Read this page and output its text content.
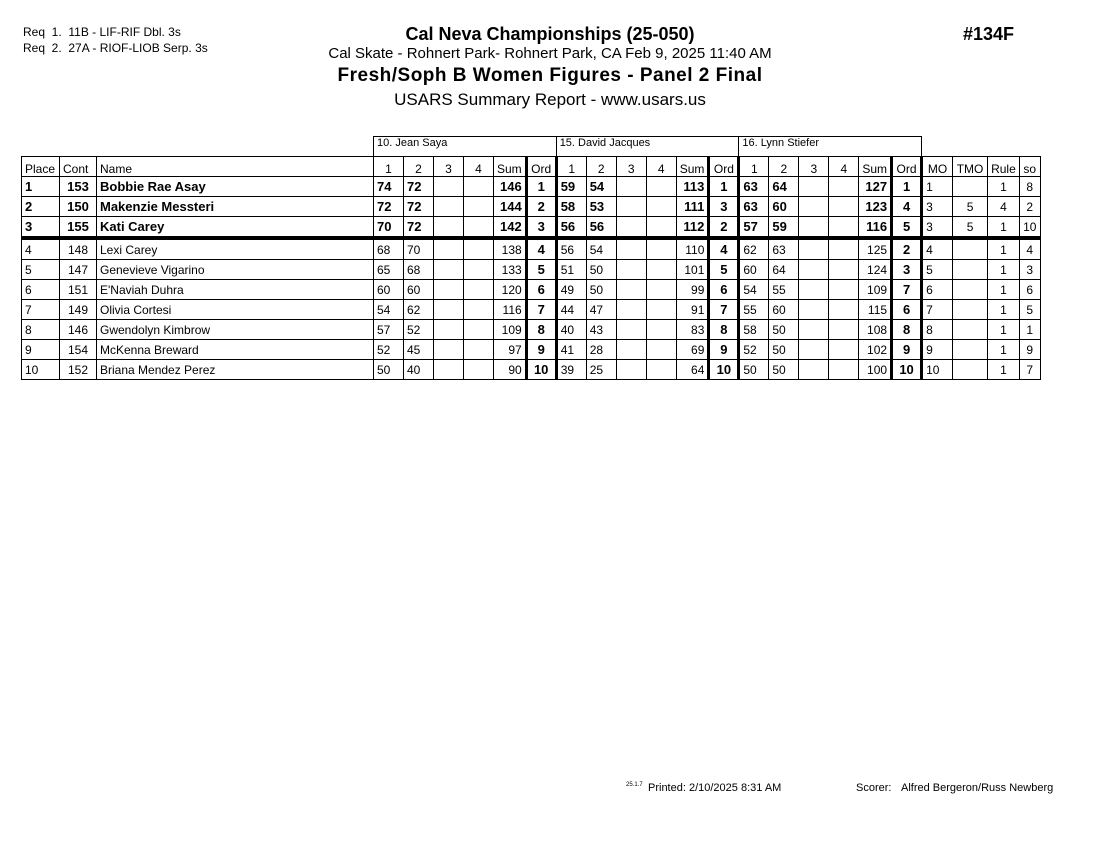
Req  1.  11B - LIF-RIF Dbl. 3s
Req  2.  27A - RIOF-LIOB Serp. 3s
Cal Neva Championships (25-050)
Cal Skate - Rohnert Park- Rohnert Park, CA Feb 9, 2025 11:40 AM
Fresh/Soph B Women Figures - Panel 2 Final
USARS Summary Report - www.usars.us
#134F
			10. Jean Saya						15. David Jacques						16. Lynn Stiefer									
Place	Cont	Name	1	2	3	4	Sum	Ord	1	2	3	4	Sum	Ord	1	2	3	4	Sum	Ord	MO	TMO	Rule	so
1	153	Bobbie Rae Asay	74	72			146	1	59	54			113	1	63	64			127	1	1		1	8
2	150	Makenzie Messteri	72	72			144	2	58	53			111	3	63	60			123	4	3	5	4	2
3	155	Kati Carey	70	72			142	3	56	56			112	2	57	59			116	5	3	5	1	10
4	148	Lexi Carey	68	70			138	4	56	54			110	4	62	63			125	2	4		1	4
5	147	Genevieve Vigarino	65	68			133	5	51	50			101	5	60	64			124	3	5		1	3
6	151	E'Naviah Duhra	60	60			120	6	49	50			99	6	54	55			109	7	6		1	6
7	149	Olivia Cortesi	54	62			116	7	44	47			91	7	55	60			115	6	7		1	5
8	146	Gwendolyn Kimbrow	57	52			109	8	40	43			83	8	58	50			108	8	8		1	1
9	154	McKenna Breward	52	45			97	9	41	28			69	9	52	50			102	9	9		1	9
10	152	Briana Mendez Perez	50	40			90	10	39	25			64	10	50	50			100	10	10		1	7
25.1.7 Printed: 2/10/2025 8:31 AM	Scorer: Alfred Bergeron/Russ Newberg
